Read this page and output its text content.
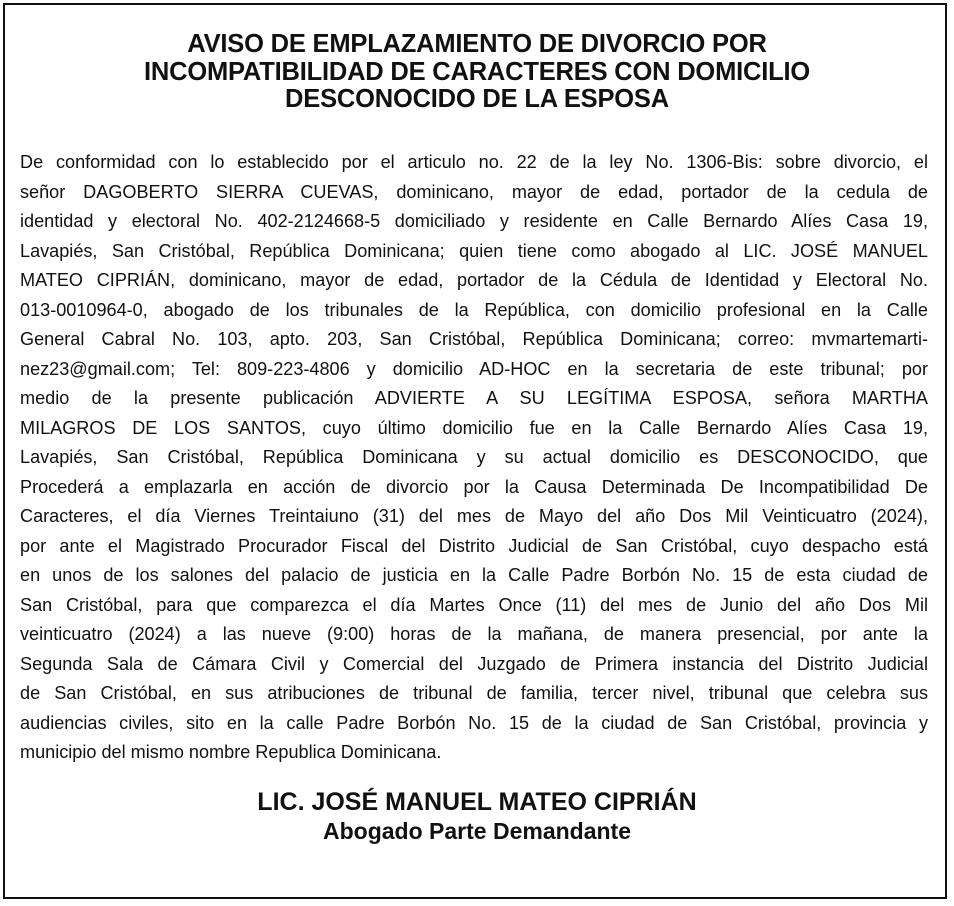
AVISO DE EMPLAZAMIENTO DE DIVORCIO POR
INCOMPATIBILIDAD DE CARACTERES CON DOMICILIO
DESCONOCIDO DE LA ESPOSA
De conformidad con lo establecido por el articulo no. 22 de la ley No. 1306-Bis: sobre divorcio, el
señor DAGOBERTO SIERRA CUEVAS, dominicano, mayor de edad, portador de la cedula de
identidad y electoral No. 402-2124668-5 domiciliado y residente en Calle Bernardo Alíes Casa 19,
Lavapiés, San Cristóbal, República Dominicana; quien tiene como abogado al LIC. JOSÉ MANUEL
MATEO CIPRIÁN, dominicano, mayor de edad, portador de la Cédula de Identidad y Electoral No.
013-0010964-0, abogado de los tribunales de la República, con domicilio profesional en la Calle
General Cabral No. 103, apto. 203, San Cristóbal, República Dominicana; correo: mvmartemarti-
nez23@gmail.com; Tel: 809-223-4806 y domicilio AD-HOC en la secretaria de este tribunal; por
medio de la presente publicación ADVIERTE A SU LEGÍTIMA ESPOSA, señora MARTHA
MILAGROS DE LOS SANTOS, cuyo último domicilio fue en la Calle Bernardo Alíes Casa 19,
Lavapiés, San Cristóbal, República Dominicana y su actual domicilio es DESCONOCIDO, que
Procederá a emplazarla en acción de divorcio por la Causa Determinada De Incompatibilidad De
Caracteres, el día Viernes Treintaiuno (31) del mes de Mayo del año Dos Mil Veinticuatro (2024),
por ante el Magistrado Procurador Fiscal del Distrito Judicial de San Cristóbal, cuyo despacho está
en unos de los salones del palacio de justicia en la Calle Padre Borbón No. 15 de esta ciudad de
San Cristóbal, para que comparezca el día Martes Once (11) del mes de Junio del año Dos Mil
veinticuatro (2024) a las nueve (9:00) horas de la mañana, de manera presencial, por ante la
Segunda Sala de Cámara Civil y Comercial del Juzgado de Primera instancia del Distrito Judicial
de San Cristóbal, en sus atribuciones de tribunal de familia, tercer nivel, tribunal que celebra sus
audiencias civiles, sito en la calle Padre Borbón No. 15 de la ciudad de San Cristóbal, provincia y
municipio del mismo nombre Republica Dominicana.
LIC. JOSÉ MANUEL MATEO CIPRIÁN
Abogado Parte Demandante
